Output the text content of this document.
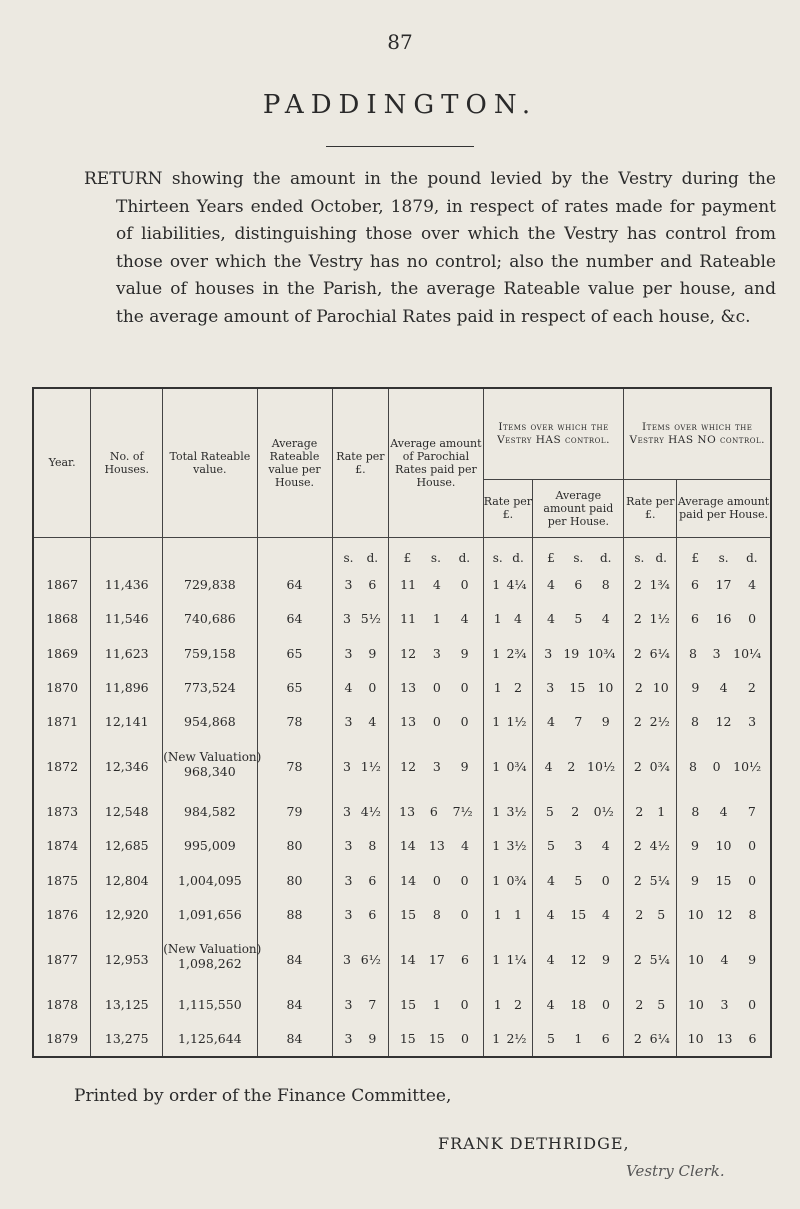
87
PADDINGTON.
RETURN showing the amount in the pound levied by the Vestry during the Thirteen Years ended October, 1879, in respect of rates made for payment of liabilities, distinguishing those over which the Vestry has control from those over which the Vestry has no control; also the number and Rateable value of houses in the Parish, the average Rateable value per house, and the average amount of Parochial Rates paid in respect of each house, &c.
Year.	No. of Houses.	Total Rateable value.	Average Rateable value per House.	Rate per £.	Average amount of Parochial Rates paid per House.	Items over which the Vestry HAS control.		Items over which the Vestry HAS NO control.	
						Rate per £.	Average amount paid per House.	Rate per £.	Average amount paid per House.

				s. d.	£ s. d.	s. d.	£ s. d.	s. d.	£ s. d.

1867	11,436	729,838	64	3 6	11 4 0	1 4¼	4 6 8	2 1¾	6 17 4

1868	11,546	740,686	64	3 5½	11 1 4	1 4	4 5 4	2 1½	6 16 0

1869	11,623	759,158	65	3 9	12 3 9	1 2¾	3 19 10¾	2 6¼	8 3 10¼

1870	11,896	773,524	65	4 0	13 0 0	1 2	3 15 10	2 10	9 4 2

1871	12,141	954,868	78	3 4	13 0 0	1 1½	4 7 9	2 2½	8 12 3

1872	12,346	(New Valuation)
968,340	78	3 1½	12 3 9	1 0¾	4 2 10½	2 0¾	8 0 10½

1873	12,548	984,582	79	3 4½	13 6 7½	1 3½	5 2 0½	2 1	8 4 7

1874	12,685	995,009	80	3 8	14 13 4	1 3½	5 3 4	2 4½	9 10 0

1875	12,804	1,004,095	80	3 6	14 0 0	1 0¾	4 5 0	2 5¼	9 15 0

1876	12,920	1,091,656	88	3 6	15 8 0	1 1	4 15 4	2 5	10 12 8

1877	12,953	(New Valuation)
1,098,262	84	3 6½	14 17 6	1 1¼	4 12 9	2 5¼	10 4 9

1878	13,125	1,115,550	84	3 7	15 1 0	1 2	4 18 0	2 5	10 3 0

1879	13,275	1,125,644	84	3 9	15 15 0	1 2½	5 1 6	2 6¼	10 13 6
Printed by order of the Finance Committee,
FRANK DETHRIDGE,
Vestry Clerk.
